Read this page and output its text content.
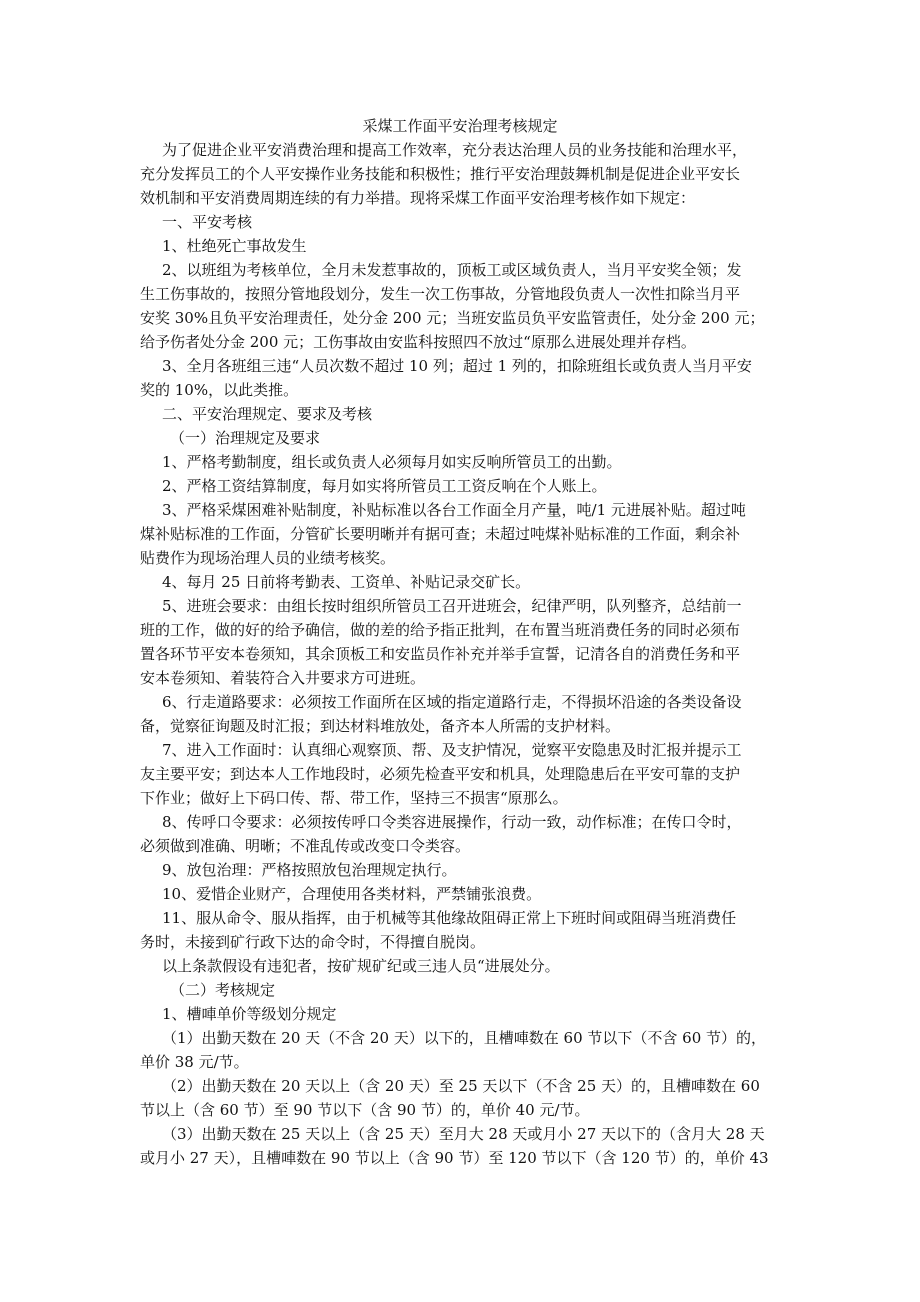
采煤工作面平安治理考核规定
为了促进企业平安消费治理和提高工作效率，充分表达治理人员的业务技能和治理水平，
充分发挥员工的个人平安操作业务技能和积极性；推行平安治理鼓舞机制是促进企业平安长
效机制和平安消费周期连续的有力举措。现将采煤工作面平安治理考核作如下规定：
一、平安考核
1、杜绝死亡事故发生
2、以班组为考核单位，全月未发惹事故的，顶板工或区域负责人，当月平安奖全领；发
生工伤事故的，按照分管地段划分，发生一次工伤事故，分管地段负责人一次性扣除当月平
安奖 30%且负平安治理责任，处分金 200 元；当班安监员负平安监管责任，处分金 200 元；
给予伤者处分金 200 元；工伤事故由安监科按照四不放过“原那么进展处理并存档。
3、全月各班组三违“人员次数不超过 10 列；超过 1 列的，扣除班组长或负责人当月平安
奖的 10%，以此类推。
二、平安治理规定、要求及考核
（一）治理规定及要求
1、严格考勤制度，组长或负责人必须每月如实反响所管员工的出勤。
2、严格工资结算制度，每月如实将所管员工工资反响在个人账上。
3、严格采煤困难补贴制度，补贴标准以各台工作面全月产量，吨/1 元进展补贴。超过吨
煤补贴标准的工作面，分管矿长要明晰并有据可查；未超过吨煤补贴标准的工作面，剩余补
贴费作为现场治理人员的业绩考核奖。
4、每月 25 日前将考勤表、工资单、补贴记录交矿长。
5、进班会要求：由组长按时组织所管员工召开进班会，纪律严明，队列整齐，总结前一
班的工作，做的好的给予确信，做的差的给予指正批判，在布置当班消费任务的同时必须布
置各环节平安本卷须知，其余顶板工和安监员作补充并举手宣誓，记清各自的消费任务和平
安本卷须知、着装符合入井要求方可进班。
6、行走道路要求：必须按工作面所在区域的指定道路行走，不得损坏沿途的各类设备设
备，觉察征询题及时汇报；到达材料堆放处，备齐本人所需的支护材料。
7、进入工作面时：认真细心观察顶、帮、及支护情况，觉察平安隐患及时汇报并提示工
友主要平安；到达本人工作地段时，必须先检查平安和机具，处理隐患后在平安可靠的支护
下作业；做好上下码口传、帮、带工作，坚持三不损害“原那么。
8、传呼口令要求：必须按传呼口令类容进展操作，行动一致，动作标准；在传口令时，
必须做到准确、明晰；不准乱传或改变口令类容。
9、放包治理：严格按照放包治理规定执行。
10、爱惜企业财产，合理使用各类材料，严禁铺张浪费。
11、服从命令、服从指挥，由于机械等其他缘故阻碍正常上下班时间或阻碍当班消费任
务时，未接到矿行政下达的命令时，不得擅自脱岗。
以上条款假设有违犯者，按矿规矿纪或三违人员“进展处分。
（二）考核规定
1、槽唓单价等级划分规定
（1）出勤天数在 20 天（不含 20 天）以下的，且槽唓数在 60 节以下（不含 60 节）的，
单价 38 元/节。
（2）出勤天数在 20 天以上（含 20 天）至 25 天以下（不含 25 天）的，且槽唓数在 60
节以上（含 60 节）至 90 节以下（含 90 节）的，单价 40 元/节。
（3）出勤天数在 25 天以上（含 25 天）至月大 28 天或月小 27 天以下的（含月大 28 天
或月小 27 天），且槽唓数在 90 节以上（含 90 节）至 120 节以下（含 120 节）的，单价 43
